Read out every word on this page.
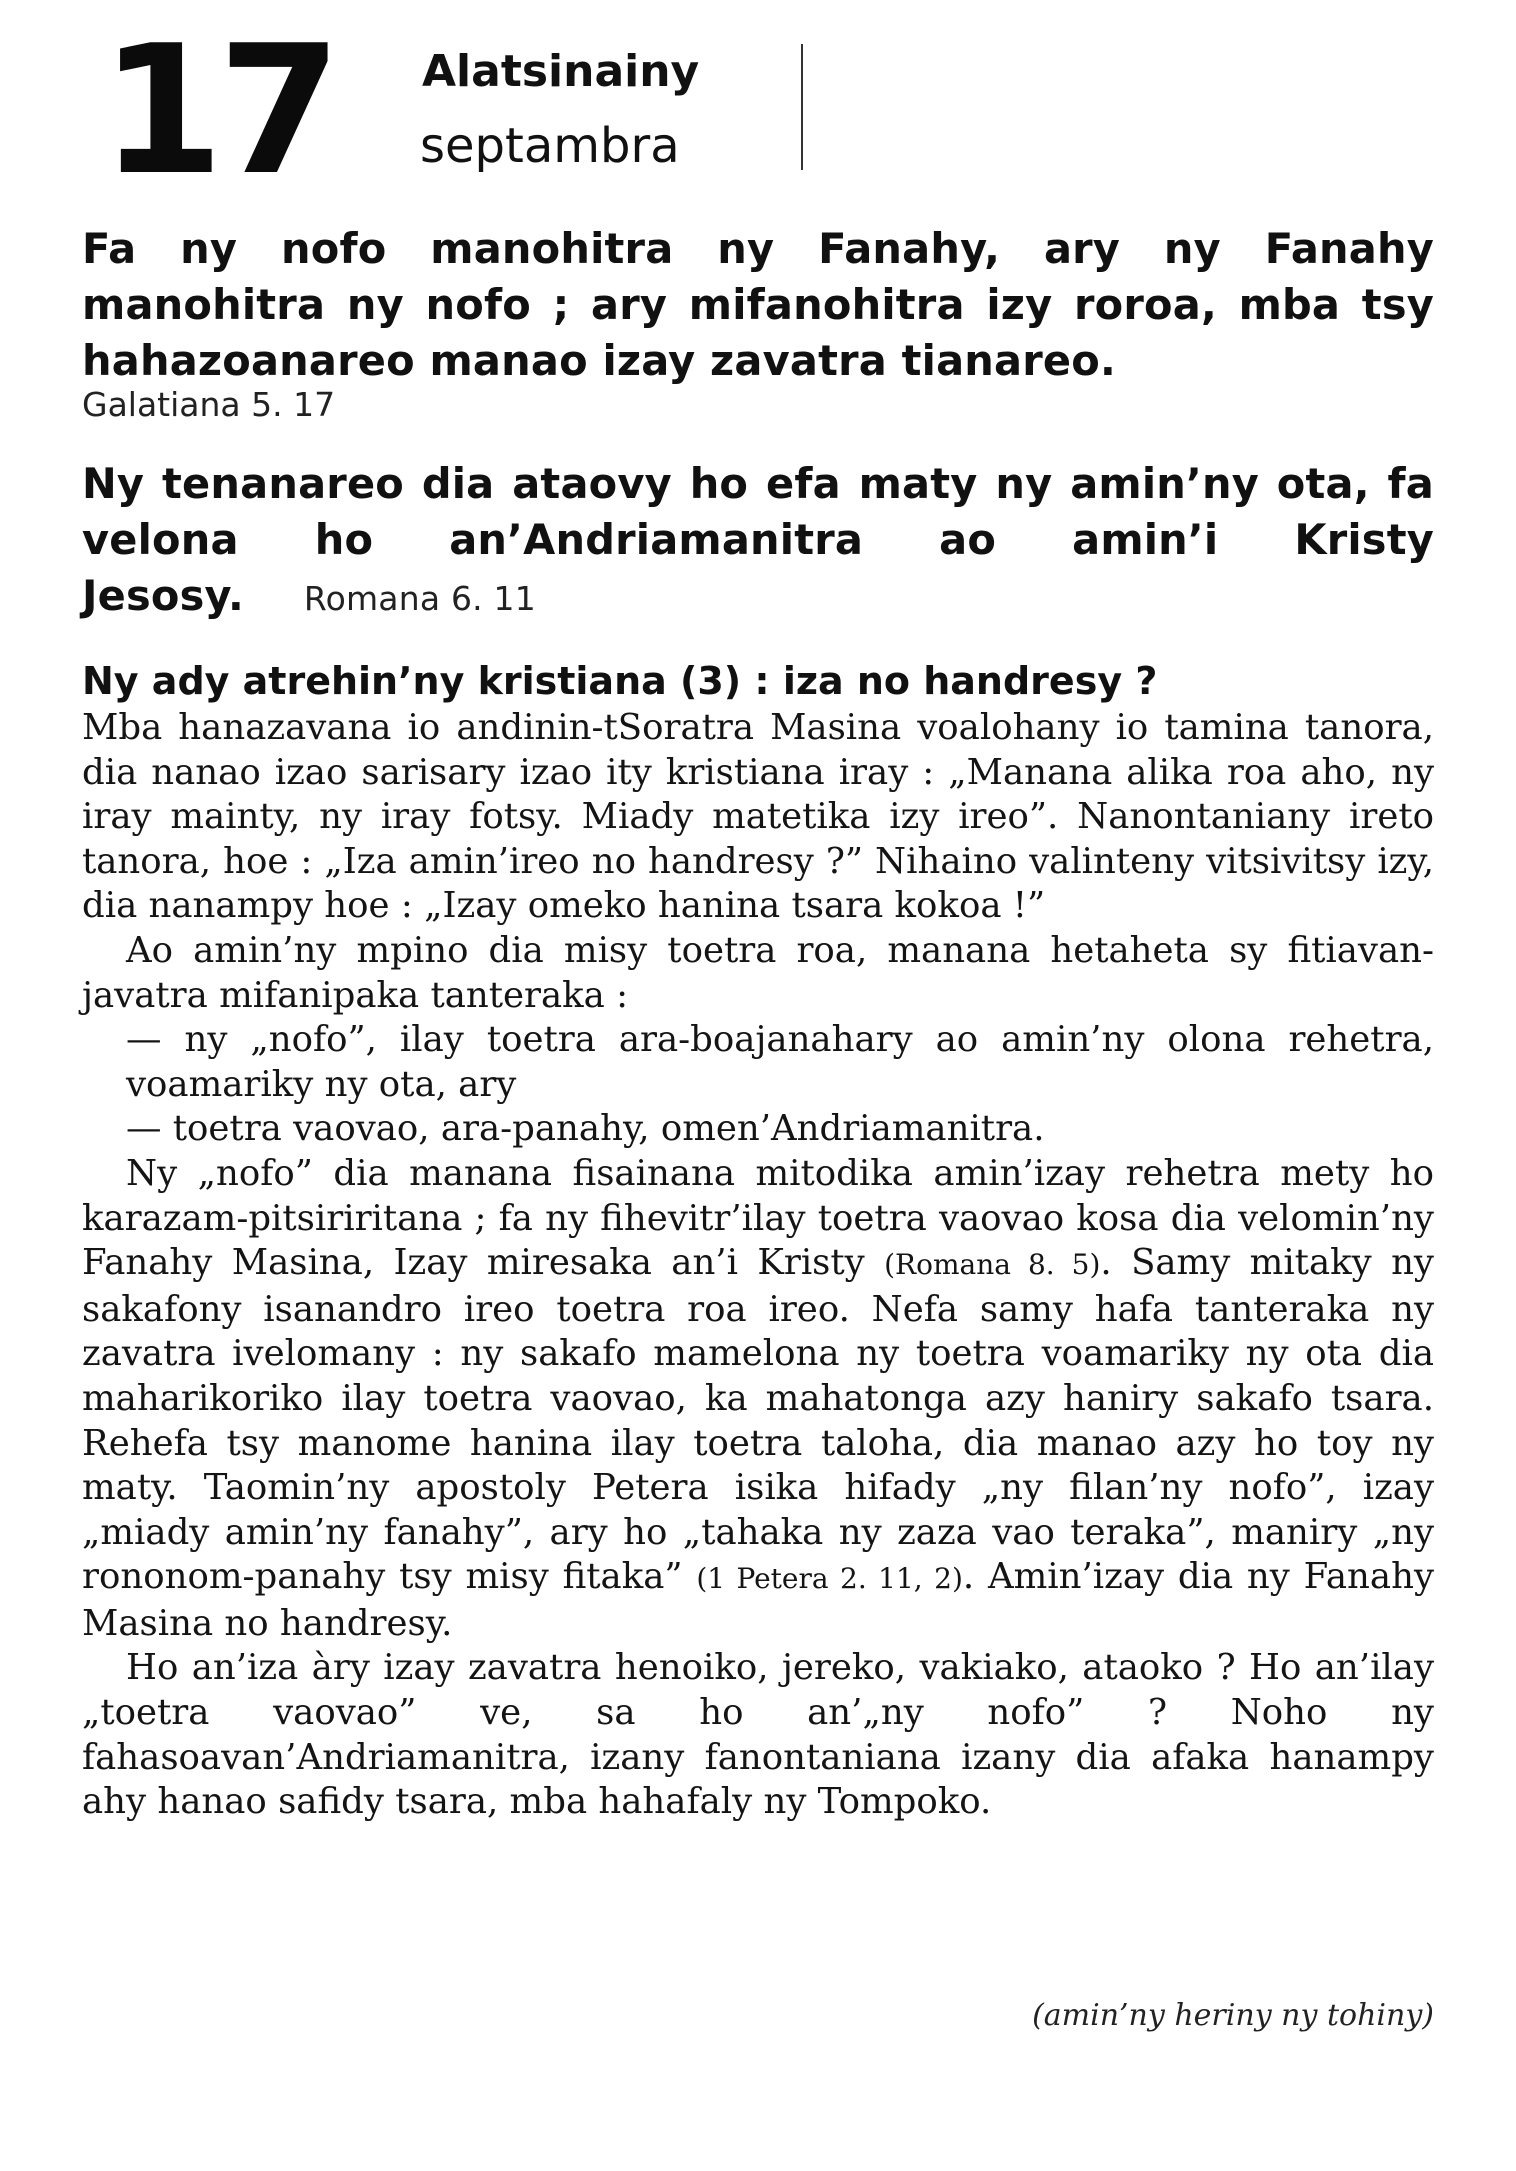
17 Alatsinainy
septambra
Fa ny nofo manohitra ny Fanahy, ary ny Fanahy manohitra ny nofo ; ary mifanohitra izy roroa, mba tsy hahazoanareo manao izay zavatra tianareo.
Galatiana 5. 17
Ny tenanareo dia ataovy ho efa maty ny amin’ny ota, fa velona ho an’Andriamanitra ao amin’i Kristy Jesosy. Romana 6. 11
Ny ady atrehin’ny kristiana (3) : iza no handresy ?

Mba hanazavana io andinin-tSoratra Masina voalohany io tamina tanora, dia nanao izao sarisary izao ity kristiana iray : „Manana alika roa aho, ny iray mainty, ny iray fotsy. Miady matetika izy ireo”. Nanontaniany ireto tanora, hoe : „Iza amin’ireo no handresy ?” Nihaino valinteny vitsivitsy izy, dia nanampy hoe : „Izay omeko hanina tsara kokoa !”

Ao amin’ny mpino dia misy toetra roa, manana hetaheta sy fitiavan-javatra mifanipaka tanteraka :

— ny „nofo”, ilay toetra ara-boajanahary ao amin’ny olona rehetra, voamariky ny ota, ary

— toetra vaovao, ara-panahy, omen’Andriamanitra.

Ny „nofo” dia manana fisainana mitodika amin’izay rehetra mety ho karazam-pitsiriritana ; fa ny fihevitr’ilay toetra vaovao kosa dia velomin’ny Fanahy Masina, Izay miresaka an’i Kristy (Romana 8. 5). Samy mitaky ny sakafony isanandro ireo toetra roa ireo. Nefa samy hafa tanteraka ny zavatra ivelomany : ny sakafo mamelona ny toetra voamariky ny ota dia maharikoriko ilay toetra vaovao, ka mahatonga azy haniry sakafo tsara. Rehefa tsy manome hanina ilay toetra taloha, dia manao azy ho toy ny maty. Taomin’ny apostoly Petera isika hifady „ny filan’ny nofo”, izay „miady amin’ny fanahy”, ary ho „tahaka ny zaza vao teraka”, maniry „ny rononom-panahy tsy misy fitaka” (1 Petera 2. 11, 2). Amin’izay dia ny Fanahy Masina no handresy.

Ho an’iza àry izay zavatra henoiko, jereko, vakiako, ataoko ? Ho an’ilay „toetra vaovao” ve, sa ho an’„ny nofo” ? Noho ny fahasoavan’Andriamanitra, izany fanontaniana izany dia afaka hanampy ahy hanao safidy tsara, mba hahafaly ny Tompoko.

(amin’ny heriny ny tohiny)
